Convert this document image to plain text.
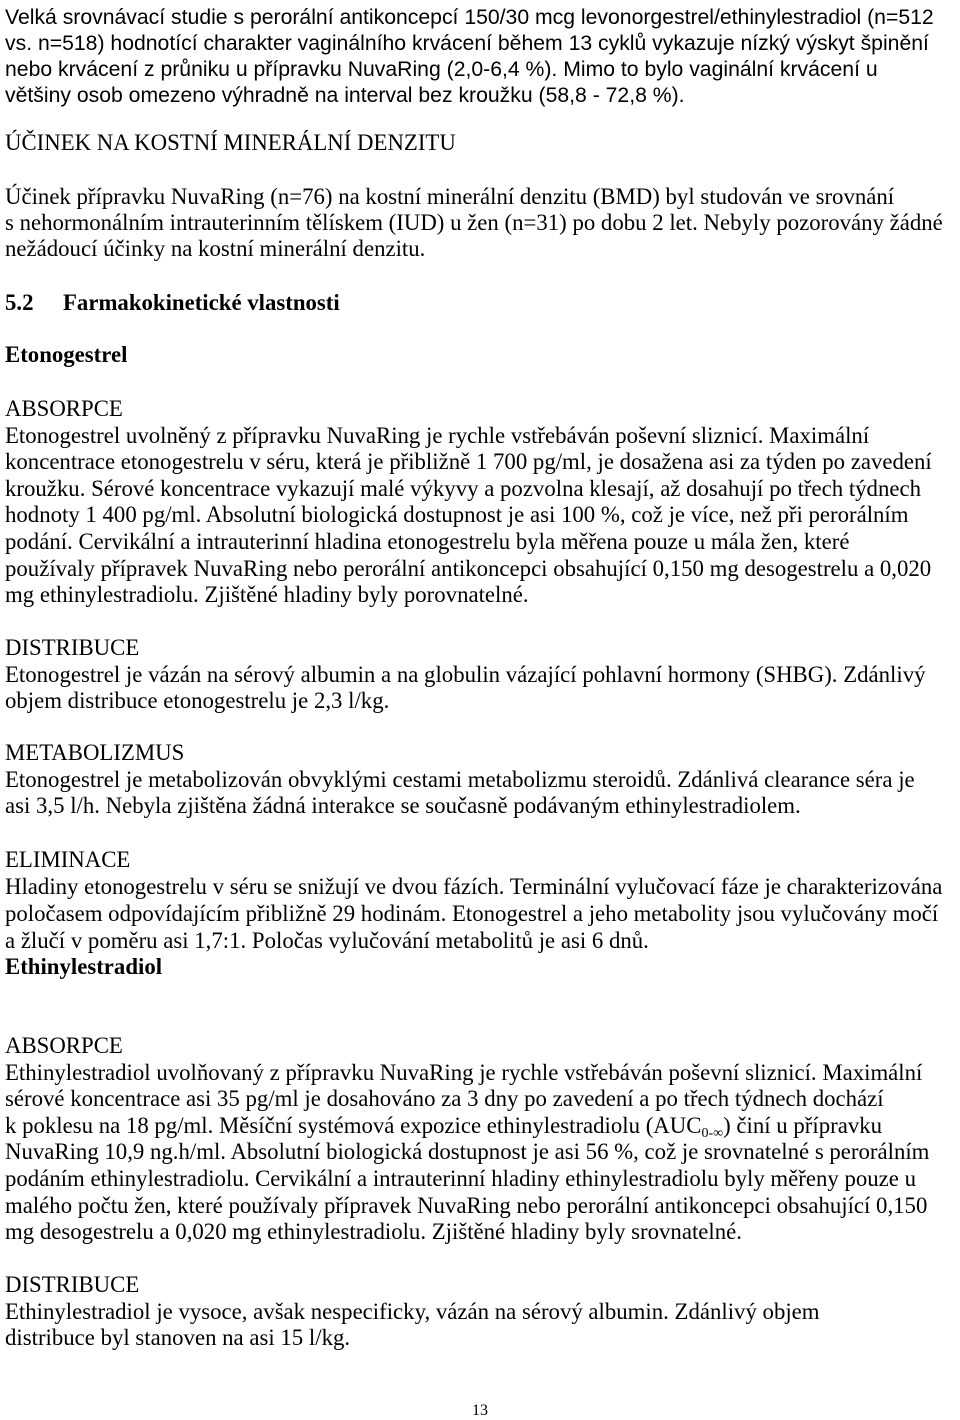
Velká srovnávací studie s perorální antikoncepcí 150/30 mcg levonorgestrel/ethinylestradiol (n=512
vs. n=518) hodnotící charakter vaginálního krvácení během 13 cyklů vykazuje nízký výskyt špinění
nebo krvácení z průniku u přípravku NuvaRing (2,0-6,4 %). Mimo to bylo vaginální krvácení u
většiny osob omezeno výhradně na interval bez kroužku (58,8 - 72,8 %).
ÚČINEK NA KOSTNÍ MINERÁLNÍ DENZITU
Účinek přípravku NuvaRing (n=76) na kostní minerální denzitu (BMD) byl studován ve srovnání
s nehormonálním intrauterinním tělískem (IUD) u žen (n=31) po dobu 2 let. Nebyly pozorovány žádné
nežádoucí účinky na kostní minerální denzitu.
5.2 Farmakokinetické vlastnosti
Etonogestrel
ABSORPCE
Etonogestrel uvolněný z přípravku NuvaRing je rychle vstřebáván poševní sliznicí. Maximální
koncentrace etonogestrelu v séru, která je přibližně 1 700 pg/ml, je dosažena asi za týden po zavedení
kroužku. Sérové koncentrace vykazují malé výkyvy a pozvolna klesají, až dosahují po třech týdnech
hodnoty 1 400 pg/ml. Absolutní biologická dostupnost je asi 100 %, což je více, než při perorálním
podání. Cervikální a intrauterinní hladina etonogestrelu byla měřena pouze u mála žen, které
používaly přípravek NuvaRing nebo perorální antikoncepci obsahující 0,150 mg desogestrelu a 0,020
mg ethinylestradiolu. Zjištěné hladiny byly porovnatelné.
DISTRIBUCE
Etonogestrel je vázán na sérový albumin a na globulin vázající pohlavní hormony (SHBG). Zdánlivý
objem distribuce etonogestrelu je 2,3 l/kg.
METABOLIZMUS
Etonogestrel je metabolizován obvyklými cestami metabolizmu steroidů. Zdánlivá clearance séra je
asi 3,5 l/h. Nebyla zjištěna žádná interakce se současně podávaným ethinylestradiolem.
ELIMINACE
Hladiny etonogestrelu v séru se snižují ve dvou fázích. Terminální vylučovací fáze je charakterizována
poločasem odpovídajícím přibližně 29 hodinám. Etonogestrel a jeho metabolity jsou vylučovány močí
a žlučí v poměru asi 1,7:1. Poločas vylučování metabolitů je asi 6 dnů.
Ethinylestradiol
ABSORPCE
Ethinylestradiol uvolňovaný z přípravku NuvaRing je rychle vstřebáván poševní sliznicí. Maximální
sérové koncentrace asi 35 pg/ml je dosahováno za 3 dny po zavedení a po třech týdnech dochází
k poklesu na 18 pg/ml. Měsíční systémová expozice ethinylestradiolu $(AUC_{0-\infty})$ činí u přípravku
NuvaRing 10,9 ng.h/ml. Absolutní biologická dostupnost je asi 56 %, což je srovnatelné s perorálním
podáním ethinylestradiolu. Cervikální a intrauterinní hladiny ethinylestradiolu byly měřeny pouze u
malého počtu žen, které používaly přípravek NuvaRing nebo perorální antikoncepci obsahující 0,150
mg desogestrelu a 0,020 mg ethinylestradiolu. Zjištěné hladiny byly srovnatelné.
DISTRIBUCE
Ethinylestradiol je vysoce, avšak nespecificky, vázán na sérový albumin. Zdánlivý objem
distribuce byl stanoven na asi 15 l/kg.
13
